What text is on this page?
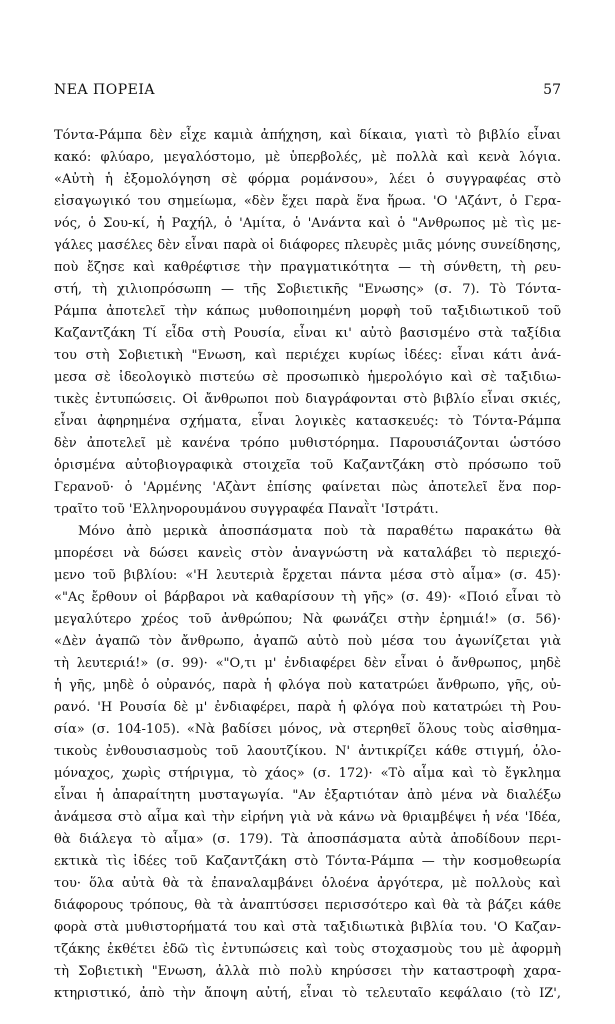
ΝΕΑ ΠΟΡΕΙΑ	57
Τόντα-Ράμπα δὲν εἶχε καμιὰ ἀπήχηση, καὶ δίκαια, γιατὶ τὸ βιβλίο εἶναι
κακό: φλύαρο, μεγαλόστομο, μὲ ὑπερβολές, μὲ πολλὰ καὶ κενὰ λόγια.
«Αὐτὴ ἡ ἐξομολόγηση σὲ φόρμα ρομάνσου», λέει ὁ συγγραφέας στὸ
εἰσαγωγικό του σημείωμα, «δὲν ἔχει παρὰ ἕνα ἥρωα. 'Ο 'Αζάντ, ὁ Γερα-
νός, ὁ Σου-κί, ἡ Ραχήλ, ὁ 'Αμίτα, ὁ 'Ανάντα καὶ ὁ "Ανθρωπος μὲ τὶς με-
γάλες μασέλες δὲν εἶναι παρὰ οἱ διάφορες πλευρὲς μιᾶς μόνης συνείδησης,
ποὺ ἔζησε καὶ καθρέφτισε τὴν πραγματικότητα — τὴ σύνθετη, τὴ ρευ-
στή, τὴ χιλιοπρόσωπη — τῆς Σοβιετικῆς "Ενωσης» (σ. 7). Τὸ Τόντα-
Ράμπα ἀποτελεῖ τὴν κάπως μυθοποιημένη μορφὴ τοῦ ταξιδιωτικοῦ τοῦ
Καζαντζάκη Τί εἶδα στὴ Ρουσία, εἶναι κι' αὐτὸ βασισμένο στὰ ταξίδια
του στὴ Σοβιετικὴ "Ενωση, καὶ περιέχει κυρίως ἰδέες: εἶναι κάτι ἀνά-
μεσα σὲ ἰδεολογικὸ πιστεύω σὲ προσωπικὸ ἡμερολόγιο καὶ σὲ ταξιδιω-
τικὲς ἐντυπώσεις. Οἱ ἄνθρωποι ποὺ διαγράφονται στὸ βιβλίο εἶναι σκιές,
εἶναι ἀφηρημένα σχήματα, εἶναι λογικὲς κατασκευές: τὸ Τόντα-Ράμπα
δὲν ἀποτελεῖ μὲ κανένα τρόπο μυθιστόρημα. Παρουσιάζονται ὡστόσο
ὁρισμένα αὐτοβιογραφικὰ στοιχεῖα τοῦ Καζαντζάκη στὸ πρόσωπο τοῦ
Γερανοῦ· ὁ 'Αρμένης 'Αζὰντ ἐπίσης φαίνεται πὼς ἀποτελεῖ ἕνα πορ-
τραῖτο τοῦ 'Ελληνορουμάνου συγγραφέα Παναῒτ 'Ιστράτι.
Μόνο ἀπὸ μερικὰ ἀποσπάσματα ποὺ τὰ παραθέτω παρακάτω θὰ
μπορέσει νὰ δώσει κανεὶς στὸν ἀναγνώστη νὰ καταλάβει τὸ περιεχό-
μενο τοῦ βιβλίου: «'Η λευτεριὰ ἔρχεται πάντα μέσα στὸ αἷμα» (σ. 45)·
«"Ας ἔρθουν οἱ βάρβαροι νὰ καθαρίσουν τὴ γῆς» (σ. 49)· «Ποιό εἶναι τὸ
μεγαλύτερο χρέος τοῦ ἀνθρώπου; Νὰ φωνάζει στὴν ἐρημιά!» (σ. 56)·
«Δὲν ἀγαπῶ τὸν ἄνθρωπο, ἀγαπῶ αὐτὸ ποὺ μέσα του ἀγωνίζεται γιὰ
τὴ λευτεριά!» (σ. 99)· «"Ο,τι μ' ἐνδιαφέρει δὲν εἶναι ὁ ἄνθρωπος, μηδὲ
ἡ γῆς, μηδὲ ὁ οὐρανός, παρὰ ἡ φλόγα ποὺ κατατρώει ἄνθρωπο, γῆς, οὐ-
ρανό. 'Η Ρουσία δὲ μ' ἐνδιαφέρει, παρὰ ἡ φλόγα ποὺ κατατρώει τὴ Ρου-
σία» (σ. 104-105). «Νὰ βαδίσει μόνος, νὰ στερηθεῖ ὅλους τοὺς αἰσθημα-
τικοὺς ἐνθουσιασμοὺς τοῦ λαουτζίκου. Ν' ἀντικρίζει κάθε στιγμή, ὁλο-
μόναχος, χωρὶς στήριγμα, τὸ χάος» (σ. 172)· «Τὸ αἷμα καὶ τὸ ἔγκλημα
εἶναι ἡ ἀπαραίτητη μυσταγωγία. "Αν ἐξαρτιόταν ἀπὸ μένα νὰ διαλέξω
ἀνάμεσα στὸ αἷμα καὶ τὴν εἰρήνη γιὰ νὰ κάνω νὰ θριαμβέψει ἡ νέα 'Ιδέα,
θὰ διάλεγα τὸ αἷμα» (σ. 179). Τὰ ἀποσπάσματα αὐτὰ ἀποδίδουν περι-
εκτικὰ τὶς ἰδέες τοῦ Καζαντζάκη στὸ Τόντα-Ράμπα — τὴν κοσμοθεωρία
του· ὅλα αὐτὰ θὰ τὰ ἐπαναλαμβάνει ὁλοένα ἀργότερα, μὲ πολλοὺς καὶ
διάφορους τρόπους, θὰ τὰ ἀναπτύσσει περισσότερο καὶ θὰ τὰ βάζει κάθε
φορὰ στὰ μυθιστορήματά του καὶ στὰ ταξιδιωτικὰ βιβλία του. 'Ο Καζαν-
τζάκης ἐκθέτει ἐδῶ τὶς ἐντυπώσεις καὶ τοὺς στοχασμοὺς του μὲ ἀφορμὴ
τὴ Σοβιετικὴ "Ενωση, ἀλλὰ πιὸ πολὺ κηρύσσει τὴν καταστροφὴ χαρα-
κτηριστικό, ἀπὸ τὴν ἄποψη αὐτή, εἶναι τὸ τελευταῖο κεφάλαιο (τὸ ΙΖ',
